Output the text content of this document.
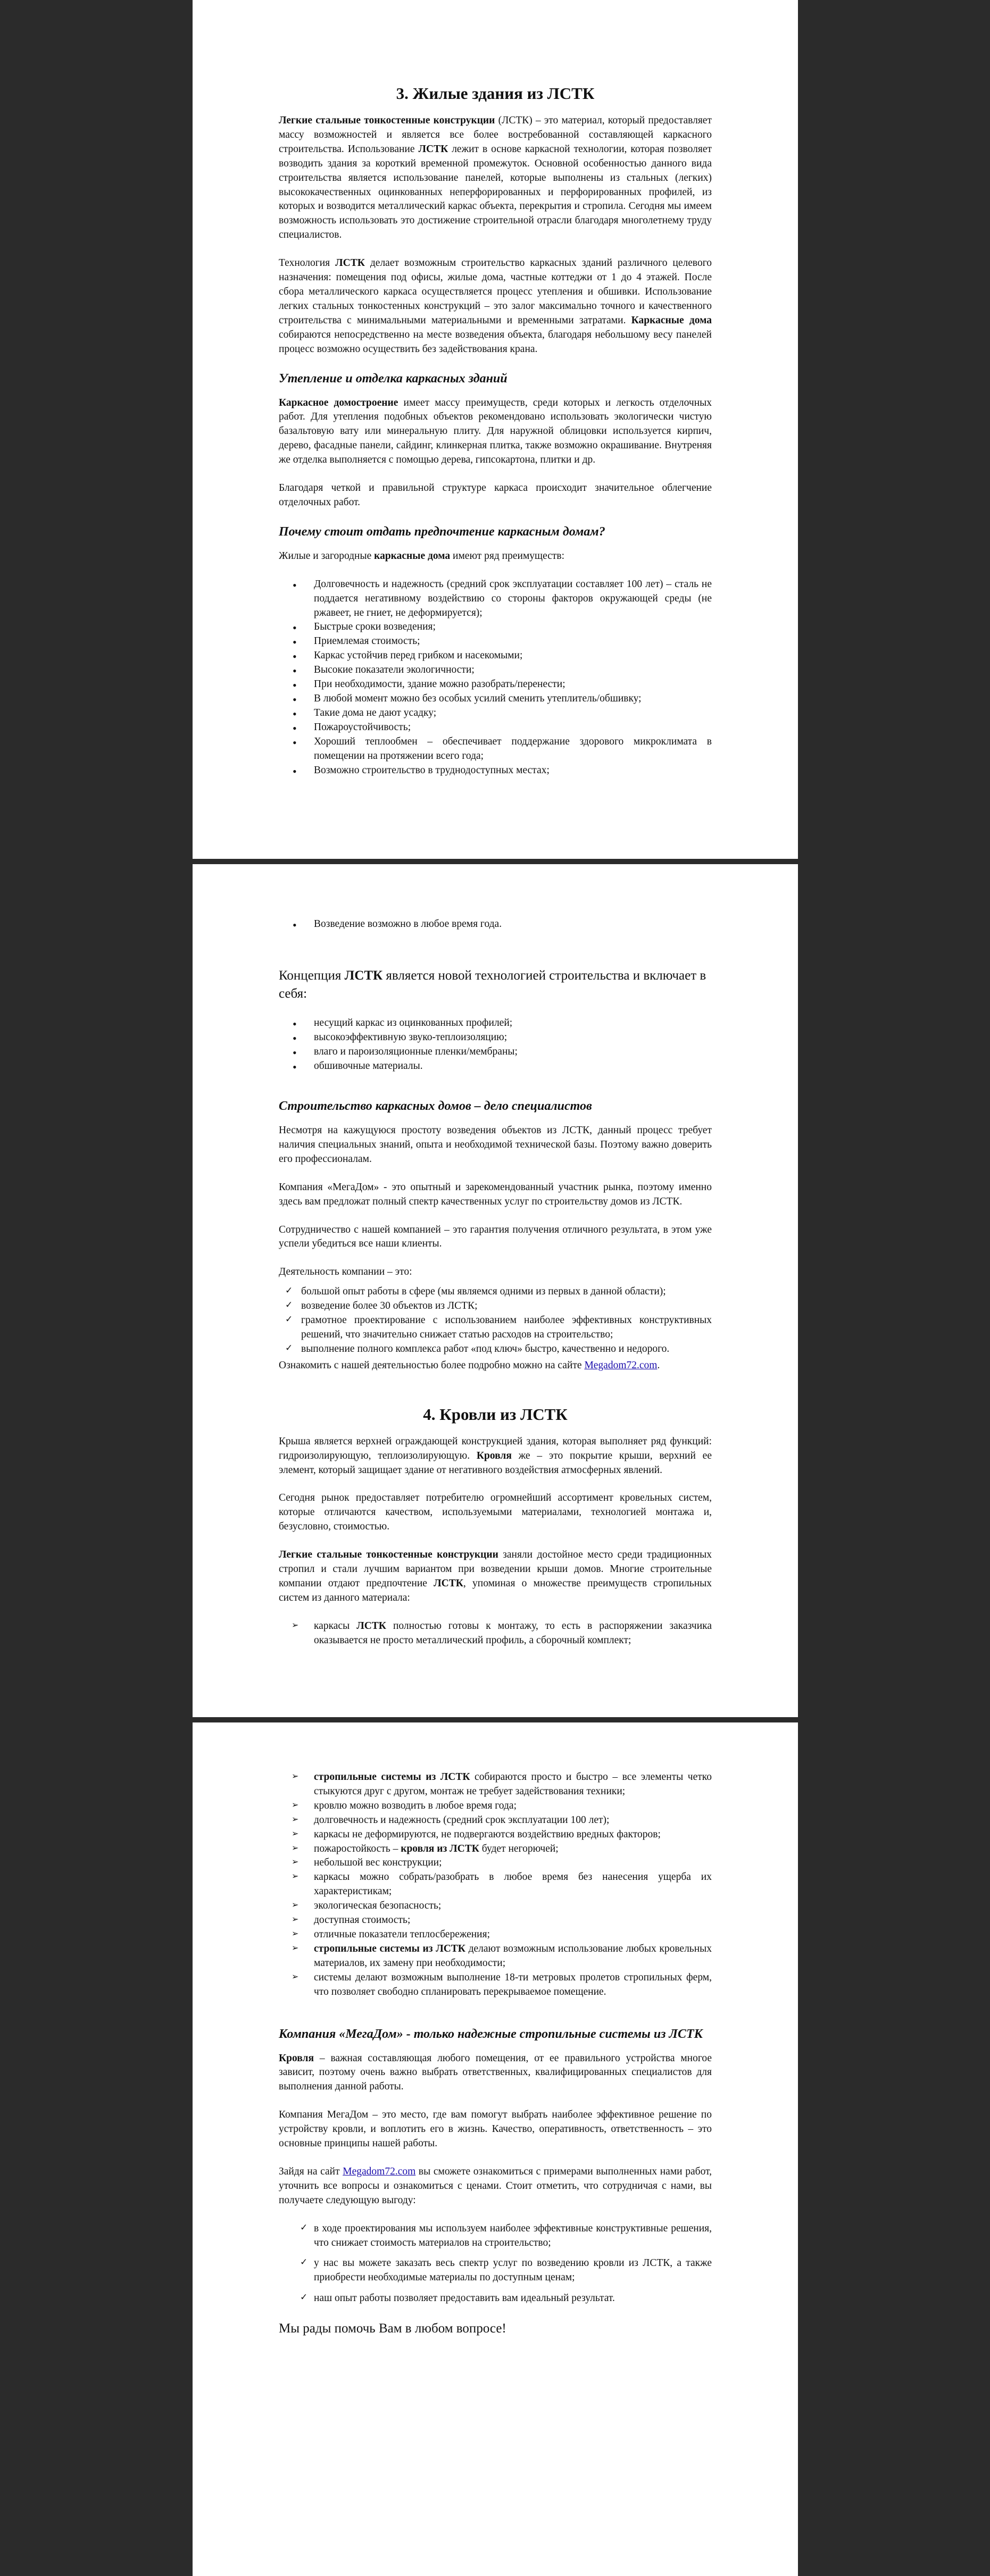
3. Жилые здания из ЛСТК

Легкие стальные тонкостенные конструкции (ЛСТК) – это материал, который предоставляет массу возможностей и является все более востребованной составляющей каркасного строительства. Использование ЛСТК лежит в основе каркасной технологии, которая позволяет возводить здания за короткий временной промежуток. Основной особенностью данного вида строительства является использование панелей, которые выполнены из стальных (легких) высококачественных оцинкованных неперфорированных и перфорированных профилей, из которых и возводится металлический каркас объекта, перекрытия и стропила. Сегодня мы имеем возможность использовать это достижение строительной отрасли благодаря многолетнему труду специалистов.

Технология ЛСТК делает возможным строительство каркасных зданий различного целевого назначения: помещения под офисы, жилые дома, частные коттеджи от 1 до 4 этажей. После сбора металлического каркаса осуществляется процесс утепления и обшивки. Использование легких стальных тонкостенных конструкций – это залог максимально точного и качественного строительства с минимальными материальными и временными затратами. Каркасные дома собираются непосредственно на месте возведения объекта, благодаря небольшому весу панелей процесс возможно осуществить без задействования крана.

Утепление и отделка каркасных зданий

Каркасное домостроение имеет массу преимуществ, среди которых и легкость отделочных работ. Для утепления подобных объектов рекомендовано использовать экологически чистую базальтовую вату или минеральную плиту. Для наружной облицовки используется кирпич, дерево, фасадные панели, сайдинг, клинкерная плитка, также возможно окрашивание. Внутреняя же отделка выполняется с помощью дерева, гипсокартона, плитки и др.

Благодаря четкой и правильной структуре каркаса происходит значительное облегчение отделочных работ.

Почему стоит отдать предпочтение каркасным домам?

Жилые и загородные каркасные дома имеют ряд преимуществ:

• Долговечность и надежность (средний срок эксплуатации составляет 100 лет) – сталь не поддается негативному воздействию со стороны факторов окружающей среды (не ржавеет, не гниет, не деформируется);
• Быстрые сроки возведения;
• Приемлемая стоимость;
• Каркас устойчив перед грибком и насекомыми;
• Высокие показатели экологичности;
• При необходимости, здание можно разобрать/перенести;
• В любой момент можно без особых усилий сменить утеплитель/обшивку;
• Такие дома не дают усадку;
• Пожароустойчивость;
• Хороший теплообмен – обеспечивает поддержание здорового микроклимата в помещении на протяжении всего года;
• Возможно строительство в труднодоступных местах;
• Возведение возможно в любое время года.

Концепция ЛСТК является новой технологией строительства и включает в себя:

• несущий каркас из оцинкованных профилей;
• высокоэффективную звуко-теплоизоляцию;
• влаго и пароизоляционные пленки/мембраны;
• обшивочные материалы.
Строительство каркасных домов – дело специалистов

Несмотря на кажущуюся простоту возведения объектов из ЛСТК, данный процесс требует наличия специальных знаний, опыта и необходимой технической базы. Поэтому важно доверить его профессионалам.

Компания «МегаДом» - это опытный и зарекомендованный участник рынка, поэтому именно здесь вам предложат полный спектр качественных услуг по строительству домов из ЛСТК.

Сотрудничество с нашей компанией – это гарантия получения отличного результата, в этом уже успели убедиться все наши клиенты.

Деятельность компании – это:

✓ большой опыт работы в сфере (мы являемся одними из первых в данной области);
✓ возведение более 30 объектов из ЛСТК;
✓ грамотное проектирование с использованием наиболее эффективных конструктивных решений, что значительно снижает статью расходов на строительство;
✓ выполнение полного комплекса работ «под ключ» быстро, качественно и недорого.

Ознакомить с нашей деятельностью более подробно можно на сайте Megadom72.com.

4. Кровли из ЛСТК

Крыша является верхней ограждающей конструкцией здания, которая выполняет ряд функций: гидроизолирующую, теплоизолирующую. Кровля же – это покрытие крыши, верхний ее элемент, который защищает здание от негативного воздействия атмосферных явлений.

Сегодня рынок предоставляет потребителю огромнейший ассортимент кровельных систем, которые отличаются качеством, используемыми материалами, технологией монтажа и, безусловно, стоимостью.

Легкие стальные тонкостенные конструкции заняли достойное место среди традиционных стропил и стали лучшим вариантом при возведении крыши домов. Многие строительные компании отдают предпочтение ЛСТК, упоминая о множестве преимуществ стропильных систем из данного материала:

➢ каркасы ЛСТК полностью готовы к монтажу, то есть в распоряжении заказчика оказывается не просто металлический профиль, а сборочный комплект;
➢ стропильные системы из ЛСТК собираются просто и быстро – все элементы четко стыкуются друг с другом, монтаж не требует задействования техники;
➢ кровлю можно возводить в любое время года;
➢ долговечность и надежность (средний срок эксплуатации 100 лет);
➢ каркасы не деформируются, не подвергаются воздействию вредных факторов;
➢ пожаростойкость – кровля из ЛСТК будет негорючей;
➢ небольшой вес конструкции;
➢ каркасы можно собрать/разобрать в любое время без нанесения ущерба их характеристикам;
➢ экологическая безопасность;
➢ доступная стоимость;
➢ отличные показатели теплосбережения;
➢ стропильные системы из ЛСТК делают возможным использование любых кровельных материалов, их замену при необходимости;
➢ системы делают возможным выполнение 18-ти метровых пролетов стропильных ферм, что позволяет свободно спланировать перекрываемое помещение.
Компания «МегаДом» - только надежные стропильные системы из ЛСТК

Кровля – важная составляющая любого помещения, от ее правильного устройства многое зависит, поэтому очень важно выбрать ответственных, квалифицированных специалистов для выполнения данной работы.

Компания МегаДом – это место, где вам помогут выбрать наиболее эффективное решение по устройству кровли, и воплотить его в жизнь. Качество, оперативность, ответственность – это основные принципы нашей работы.

Зайдя на сайт Megadom72.com вы сможете ознакомиться с примерами выполненных нами работ, уточнить все вопросы и ознакомиться с ценами. Стоит отметить, что сотрудничая с нами, вы получаете следующую выгоду:

✓ в ходе проектирования мы используем наиболее эффективные конструктивные решения, что снижает стоимость материалов на строительство;
✓ у нас вы можете заказать весь спектр услуг по возведению кровли из ЛСТК, а также приобрести необходимые материалы по доступным ценам;
✓ наш опыт работы позволяет предоставить вам идеальный результат.

Мы рады помочь Вам в любом вопросе!
